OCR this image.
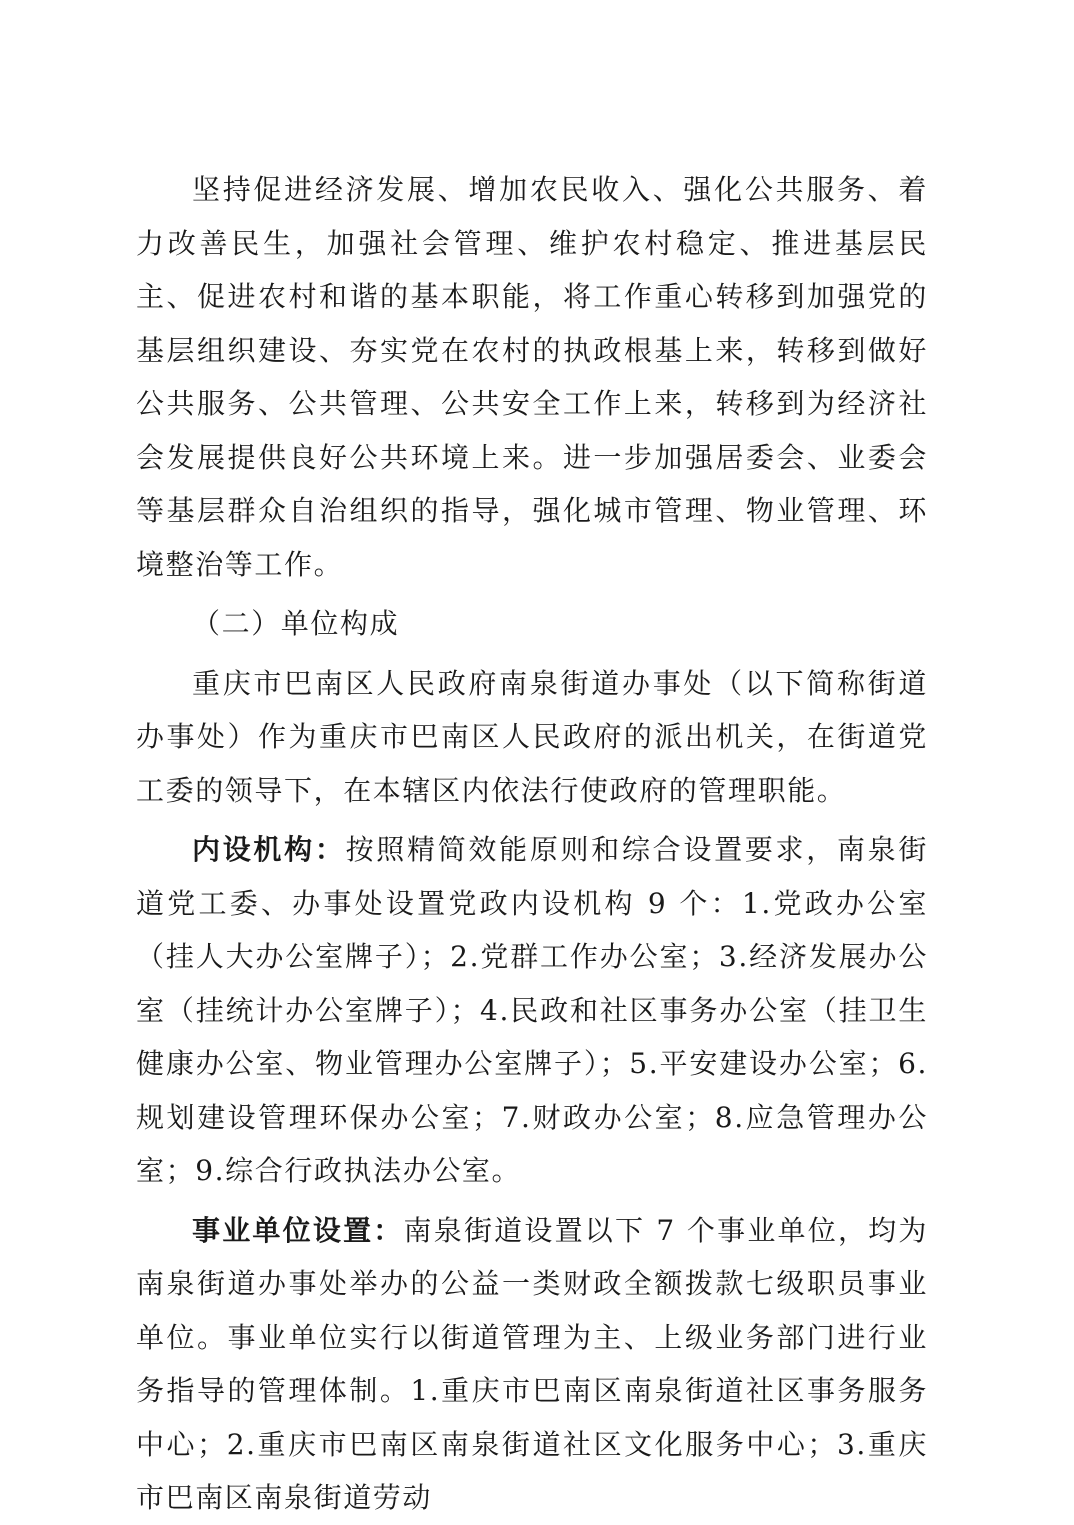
坚持促进经济发展、增加农民收入、强化公共服务、着力改善民生，加强社会管理、维护农村稳定、推进基层民主、促进农村和谐的基本职能，将工作重心转移到加强党的基层组织建设、夯实党在农村的执政根基上来，转移到做好公共服务、公共管理、公共安全工作上来，转移到为经济社会发展提供良好公共环境上来。进一步加强居委会、业委会等基层群众自治组织的指导，强化城市管理、物业管理、环境整治等工作。

（二）单位构成

重庆市巴南区人民政府南泉街道办事处（以下简称街道办事处）作为重庆市巴南区人民政府的派出机关，在街道党工委的领导下，在本辖区内依法行使政府的管理职能。

内设机构：按照精简效能原则和综合设置要求，南泉街道党工委、办事处设置党政内设机构 9 个：1.党政办公室（挂人大办公室牌子）；2.党群工作办公室；3.经济发展办公室（挂统计办公室牌子）；4.民政和社区事务办公室（挂卫生健康办公室、物业管理办公室牌子）；5.平安建设办公室；6.规划建设管理环保办公室；7.财政办公室；8.应急管理办公室；9.综合行政执法办公室。

事业单位设置：南泉街道设置以下 7 个事业单位，均为南泉街道办事处举办的公益一类财政全额拨款七级职员事业单位。事业单位实行以街道管理为主、上级业务部门进行业务指导的管理体制。1.重庆市巴南区南泉街道社区事务服务中心；2.重庆市巴南区南泉街道社区文化服务中心；3.重庆市巴南区南泉街道劳动
